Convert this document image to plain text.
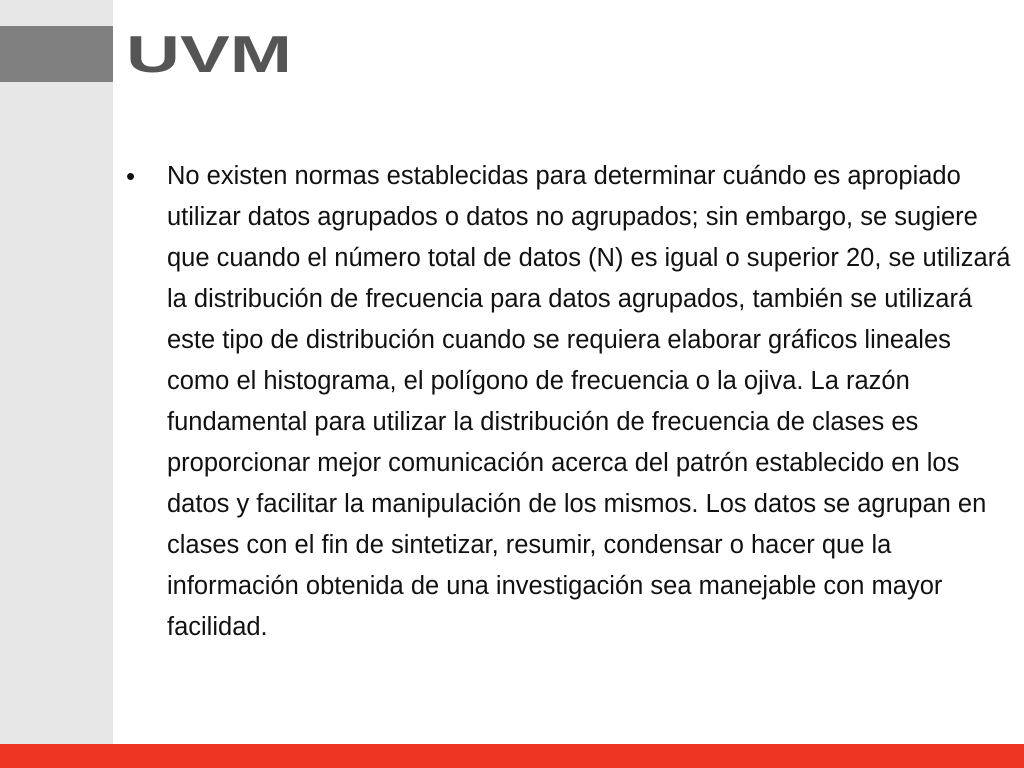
UVM
•	No existen normas establecidas para determinar cuándo es apropiado utilizar datos agrupados o datos no agrupados; sin embargo, se sugiere que cuando el número total de datos (N) es igual o superior 20, se utilizará la distribución de frecuencia para datos agrupados, también se utilizará este tipo de distribución cuando se requiera elaborar gráficos lineales como el histograma, el polígono de frecuencia o la ojiva. La razón fundamental para utilizar la distribución de frecuencia de clases es proporcionar mejor comunicación acerca del patrón establecido en los datos y facilitar la manipulación de los mismos. Los datos se agrupan en clases con el fin de sintetizar, resumir, condensar o hacer que la información obtenida de una investigación sea manejable con mayor facilidad.
